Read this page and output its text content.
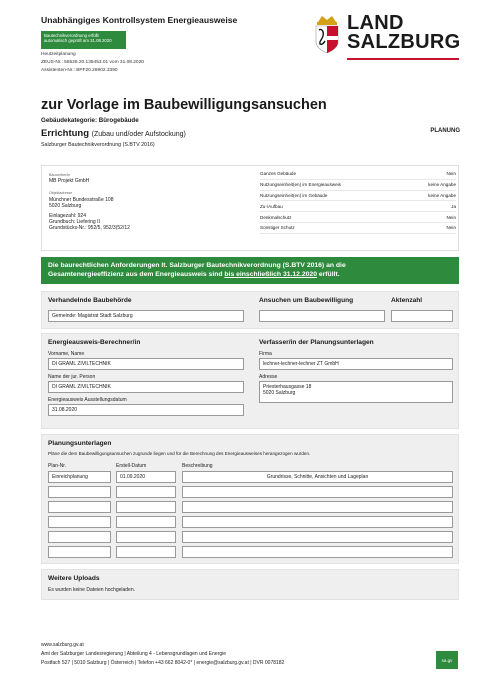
Unabhängiges Kontrollsystem Energieausweise
Bautechnikverordnung erfüllt
automatisch geprüft am 31.08.2020
Heutzeitplanung
ZEUS-Nr.: 56528.20.135453.01 vom 31.08.2020
Assistenten-Nr.: BPF20.28902.3390
LAND
SALZBURG
zur Vorlage im Baubewilligungsansuchen
Gebäudekategorie: Bürogebäude
Errichtung (Zubau und/oder Aufstockung)
Salzburger Bautechnikverordnung (S.BTV 2016)
PLANUNG
Bauwerber/in
MB Projekt GmbH
Objektadresse
Münchner Bundesstraße 108
5020 Salzburg
Einlagezahl: 924
Grundbuch: Liefering II
Grundstücks-Nr.: 952/5, 952/3(52/12
Ganzes Gebäude	Nein
Nutzungseinheit(en) im Energieausweis	keine Angabe
Nutzungseinheit(en) im Gebäude	keine Angabe
Zu-/Aufbau	Ja
Denkmalschutz	Nein
Sonstiger Schutz	Nein
Die baurechtlichen Anforderungen lt. Salzburger Bautechnikverordnung (S.BTV 2016) an die
Gesamtenergieeffizienz aus dem Energieausweis sind bis einschließlich 31.12.2020 erfüllt.
Verhandelnde Baubehörde
Gemeinde: Magistrat Stadt Salzburg
Ansuchen um Baubewilligung	Aktenzahl
Energieausweis-Berechner/in
Vorname, Name
DI GRAML ZIVILTECHNIK
Name der jur. Person
DI GRAML ZIVILTECHNIK
Energieausweis Ausstellungsdatum
31.08.2020
Verfasser/in der Planungsunterlagen
Firma
lechner-lechner-lechner ZT GmbH
Adresse
Priesterhausgasse 18
5020 Salzburg
Planungsunterlagen
Pläne die dem Baubewilligungsansuchen zugrunde liegen und für die Berechnung des Energieausweises herangezogen wurden.
Plan-Nr.	Erstell-Datum	Beschreibung
Einreichplanung	01.09.2020	Grundrisse, Schnitte, Ansichten und Lageplan
Weitere Uploads
Es wurden keine Dateien hochgeladen.
www.salzburg.gv.at
Amt der Salzburger Landesregierung | Abteilung 4 - Lebensgrundlagen und Energie
Postfach 527 | 5010 Salzburg | Österreich | Telefon +43 662 8042-0* | energie@salzburg.gv.at | DVR 0078182	sa.gv
